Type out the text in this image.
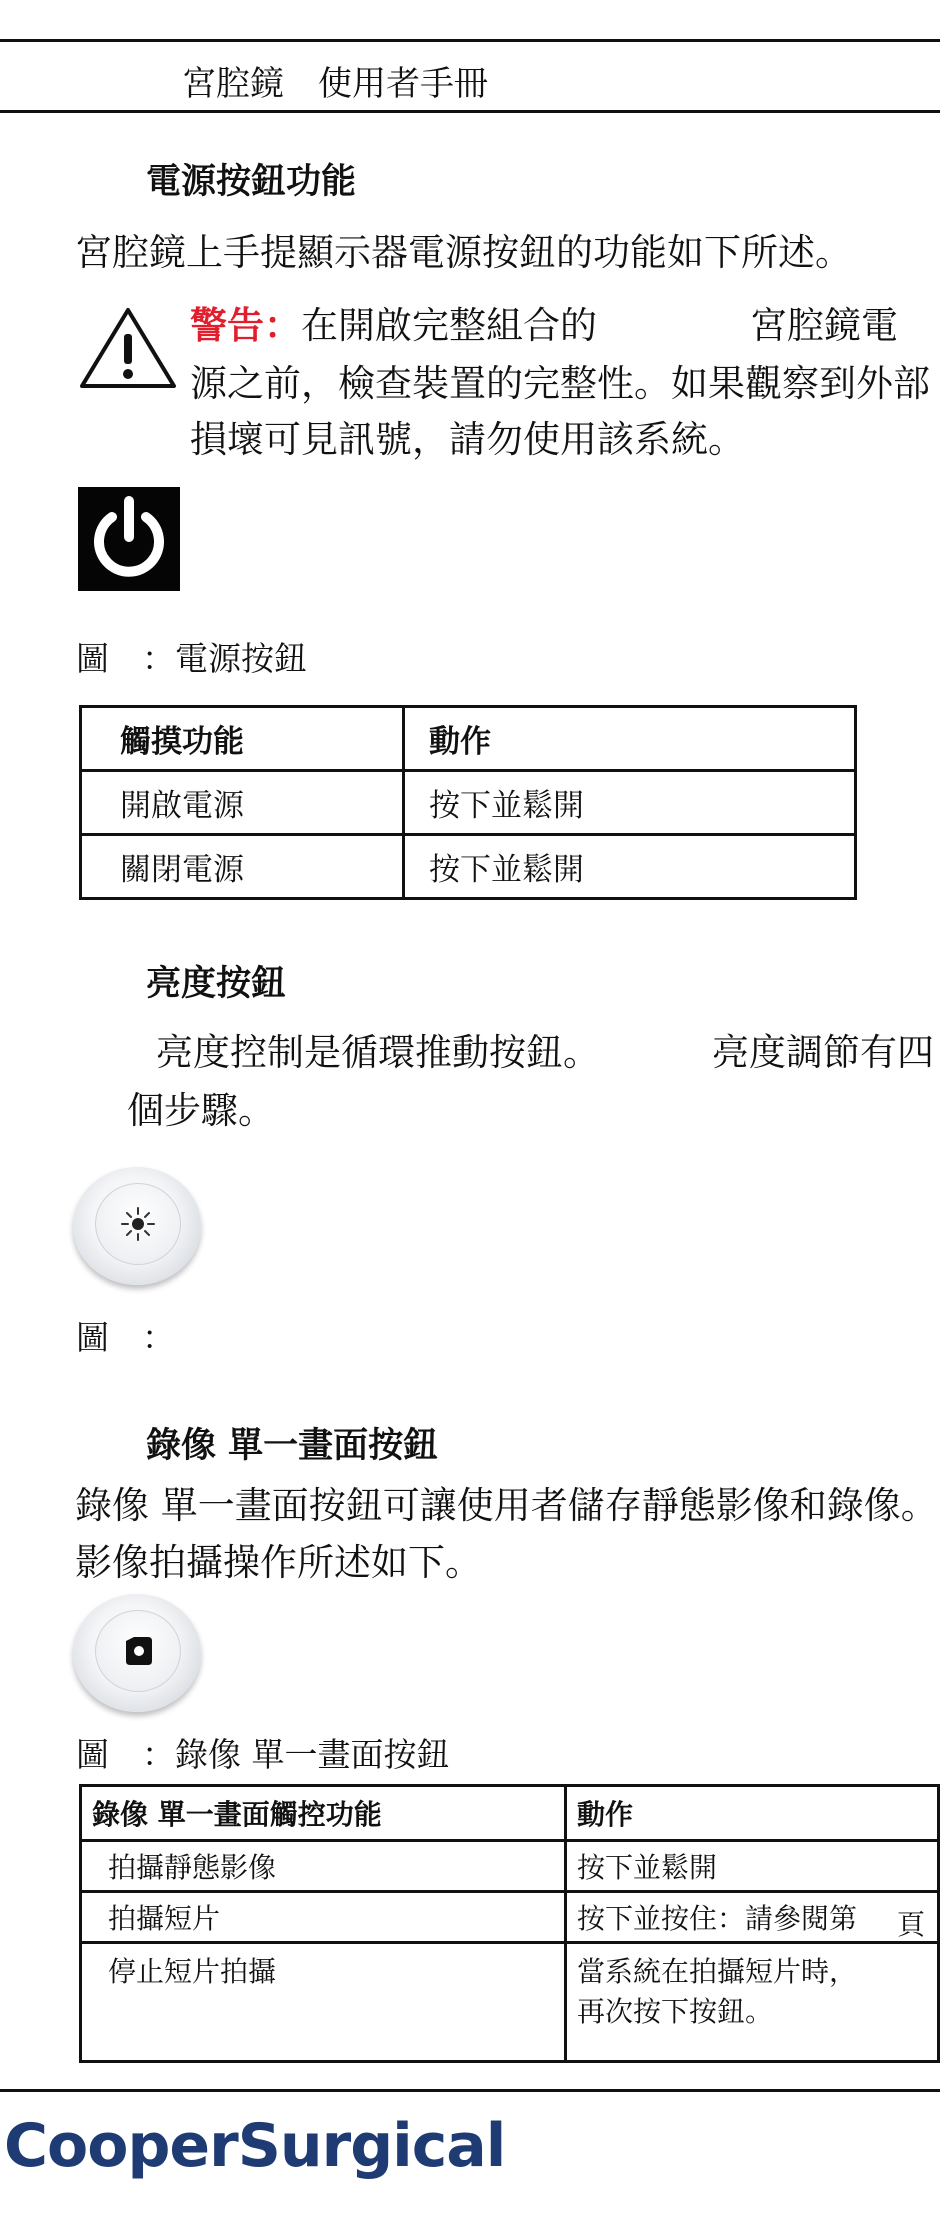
宮腔鏡　使用者手冊
電源按鈕功能
宮腔鏡上手提顯示器電源按鈕的功能如下所述。
警告：在開啟完整組合的	宮腔鏡電
源之前，檢查裝置的完整性。如果觀察到外部
損壞可見訊號，請勿使用該系統。
圖 ：電源按鈕
觸摸功能	動作
開啟電源	按下並鬆開
關閉電源	按下並鬆開
亮度按鈕
亮度控制是循環推動按鈕。	亮度調節有四
個步驟。
圖 ：
錄像 單一畫面按鈕
錄像 單一畫面按鈕可讓使用者儲存靜態影像和錄像。
影像拍攝操作所述如下。
圖 ：錄像 單一畫面按鈕
錄像 單一畫面觸控功能	動作
拍攝靜態影像	按下並鬆開
拍攝短片	按下並按住：請參閱第 頁

停止短片拍攝	當系統在拍攝短片時，
再次按下按鈕。
CooperSurgical
